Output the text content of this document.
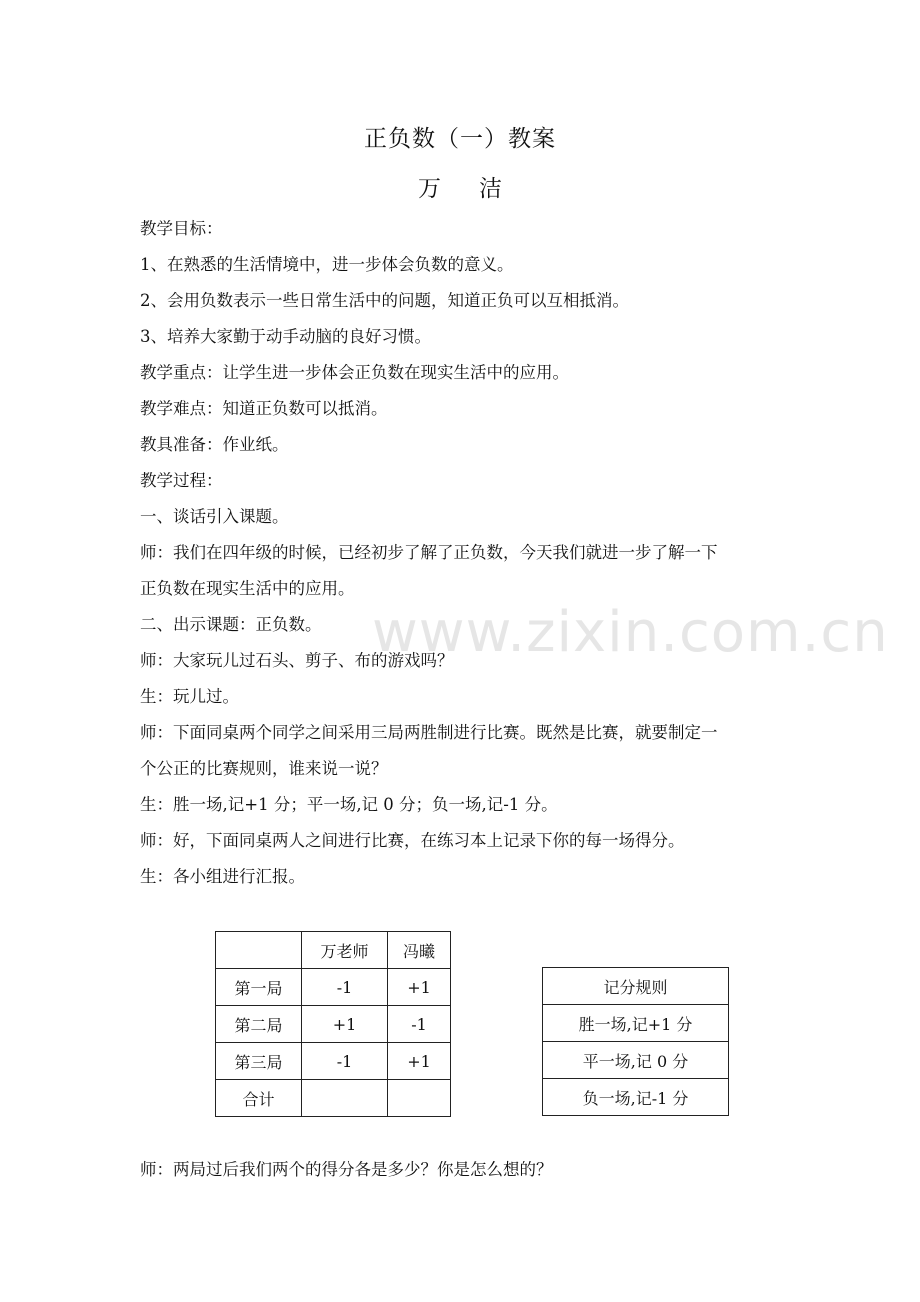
www.zixin.com.cn
正负数（一）教案
万 洁
教学目标：
1、在熟悉的生活情境中，进一步体会负数的意义。
2、会用负数表示一些日常生活中的问题，知道正负可以互相抵消。
3、培养大家勤于动手动脑的良好习惯。
教学重点：让学生进一步体会正负数在现实生活中的应用。
教学难点：知道正负数可以抵消。
教具准备：作业纸。
教学过程：
一、谈话引入课题。
师：我们在四年级的时候，已经初步了解了正负数，今天我们就进一步了解一下
正负数在现实生活中的应用。
二、出示课题：正负数。
师：大家玩儿过石头、剪子、布的游戏吗？
生：玩儿过。
师：下面同桌两个同学之间采用三局两胜制进行比赛。既然是比赛，就要制定一
个公正的比赛规则，谁来说一说？
生：胜一场,记+1 分；平一场,记 0 分；负一场,记-1 分。
师：好，下面同桌两人之间进行比赛，在练习本上记录下你的每一场得分。
生：各小组进行汇报。
	万老师	冯曦
第一局	-1	+1
第二局	+1	-1
第三局	-1	+1
合计		
记分规则
胜一场,记+1 分
平一场,记 0 分
负一场,记-1 分
师：两局过后我们两个的得分各是多少？你是怎么想的？
